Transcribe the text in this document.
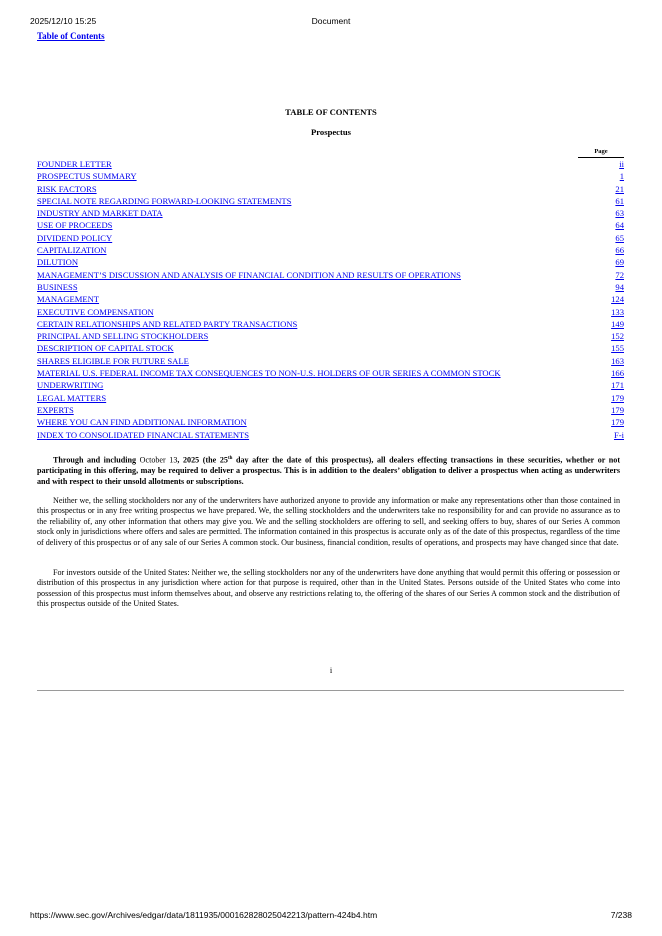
2025/12/10 15:25	Document
Table of Contents
TABLE OF CONTENTS
Prospectus
Page
FOUNDER LETTER	ii
PROSPECTUS SUMMARY	1
RISK FACTORS	21
SPECIAL NOTE REGARDING FORWARD-LOOKING STATEMENTS	61
INDUSTRY AND MARKET DATA	63
USE OF PROCEEDS	64
DIVIDEND POLICY	65
CAPITALIZATION	66
DILUTION	69
MANAGEMENT’S DISCUSSION AND ANALYSIS OF FINANCIAL CONDITION AND RESULTS OF OPERATIONS	72
BUSINESS	94
MANAGEMENT	124
EXECUTIVE COMPENSATION	133
CERTAIN RELATIONSHIPS AND RELATED PARTY TRANSACTIONS	149
PRINCIPAL AND SELLING STOCKHOLDERS	152
DESCRIPTION OF CAPITAL STOCK	155
SHARES ELIGIBLE FOR FUTURE SALE	163
MATERIAL U.S. FEDERAL INCOME TAX CONSEQUENCES TO NON-U.S. HOLDERS OF OUR SERIES A COMMON STOCK	166
UNDERWRITING	171
LEGAL MATTERS	179
EXPERTS	179
WHERE YOU CAN FIND ADDITIONAL INFORMATION	179
INDEX TO CONSOLIDATED FINANCIAL STATEMENTS	F-i
Through and including October 13, 2025 (the 25th day after the date of this prospectus), all dealers effecting transactions in these securities, whether or not participating in this offering, may be required to deliver a prospectus. This is in addition to the dealers’ obligation to deliver a prospectus when acting as underwriters and with respect to their unsold allotments or subscriptions.
Neither we, the selling stockholders nor any of the underwriters have authorized anyone to provide any information or make any representations other than those contained in this prospectus or in any free writing prospectus we have prepared. We, the selling stockholders and the underwriters take no responsibility for and can provide no assurance as to the reliability of, any other information that others may give you. We and the selling stockholders are offering to sell, and seeking offers to buy, shares of our Series A common stock only in jurisdictions where offers and sales are permitted. The information contained in this prospectus is accurate only as of the date of this prospectus, regardless of the time of delivery of this prospectus or of any sale of our Series A common stock. Our business, financial condition, results of operations, and prospects may have changed since that date.
For investors outside of the United States: Neither we, the selling stockholders nor any of the underwriters have done anything that would permit this offering or possession or distribution of this prospectus in any jurisdiction where action for that purpose is required, other than in the United States. Persons outside of the United States who come into possession of this prospectus must inform themselves about, and observe any restrictions relating to, the offering of the shares of our Series A common stock and the distribution of this prospectus outside of the United States.
i
https://www.sec.gov/Archives/edgar/data/1811935/000162828025042213/pattern-424b4.htm	7/238
